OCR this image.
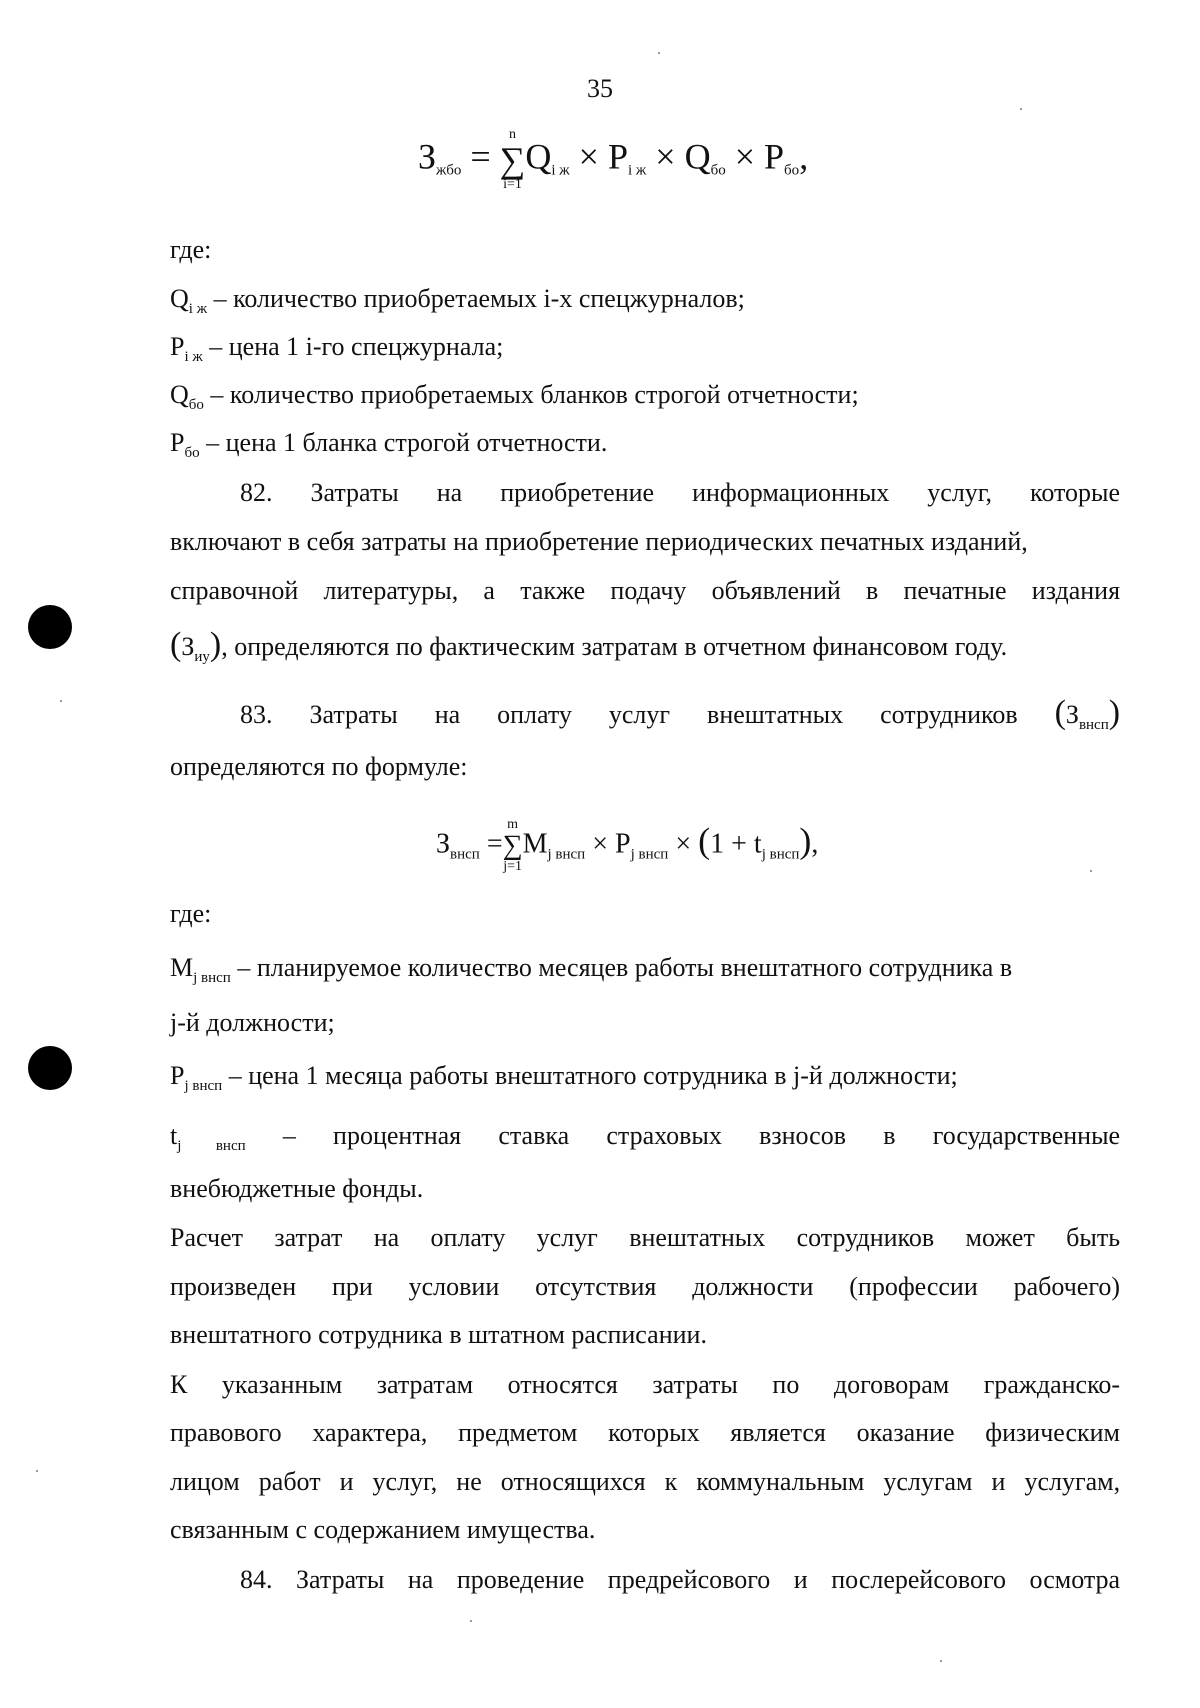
35
$З_{жбо}$ =
n
∑
i=1
$Q_{i ж} \times P_{i ж} \times Q_{бо} \times P_{бо}$,
где:
$Q_{i ж}$ – количество приобретаемых i-х спецжурналов;
$P_{i ж}$ – цена 1 i-го спецжурнала;
$Q_{бо}$ – количество приобретаемых бланков строгой отчетности;
$P_{бо}$ – цена 1 бланка строгой отчетности.
82. Затраты на приобретение информационных услуг, которые
включают в себя затраты на приобретение периодических печатных изданий,
справочной литературы, а также подачу объявлений в печатные издания
$(З_{иу})$, определяются по фактическим затратам в отчетном финансовом году.
83. Затраты на оплату услуг внештатных сотрудников $(З_{внсп})$
определяются по формуле:
$З_{внсп}$ =
m
∑
j=1
$M_{j внсп} \times P_{j внсп} \times (1 + t_{j внсп})$,
где:
$M_{j внсп}$ – планируемое количество месяцев работы внештатного сотрудника в
j-й должности;
$P_{j внсп}$ – цена 1 месяца работы внештатного сотрудника в j-й должности;
$t_{j внсп}$ – процентная ставка страховых взносов в государственные
внебюджетные фонды.
Расчет затрат на оплату услуг внештатных сотрудников может быть
произведен при условии отсутствия должности (профессии рабочего)
внештатного сотрудника в штатном расписании.
К указанным затратам относятся затраты по договорам гражданско-
правового характера, предметом которых является оказание физическим
лицом работ и услуг, не относящихся к коммунальным услугам и услугам,
связанным с содержанием имущества.
84. Затраты на проведение предрейсового и послерейсового осмотра
